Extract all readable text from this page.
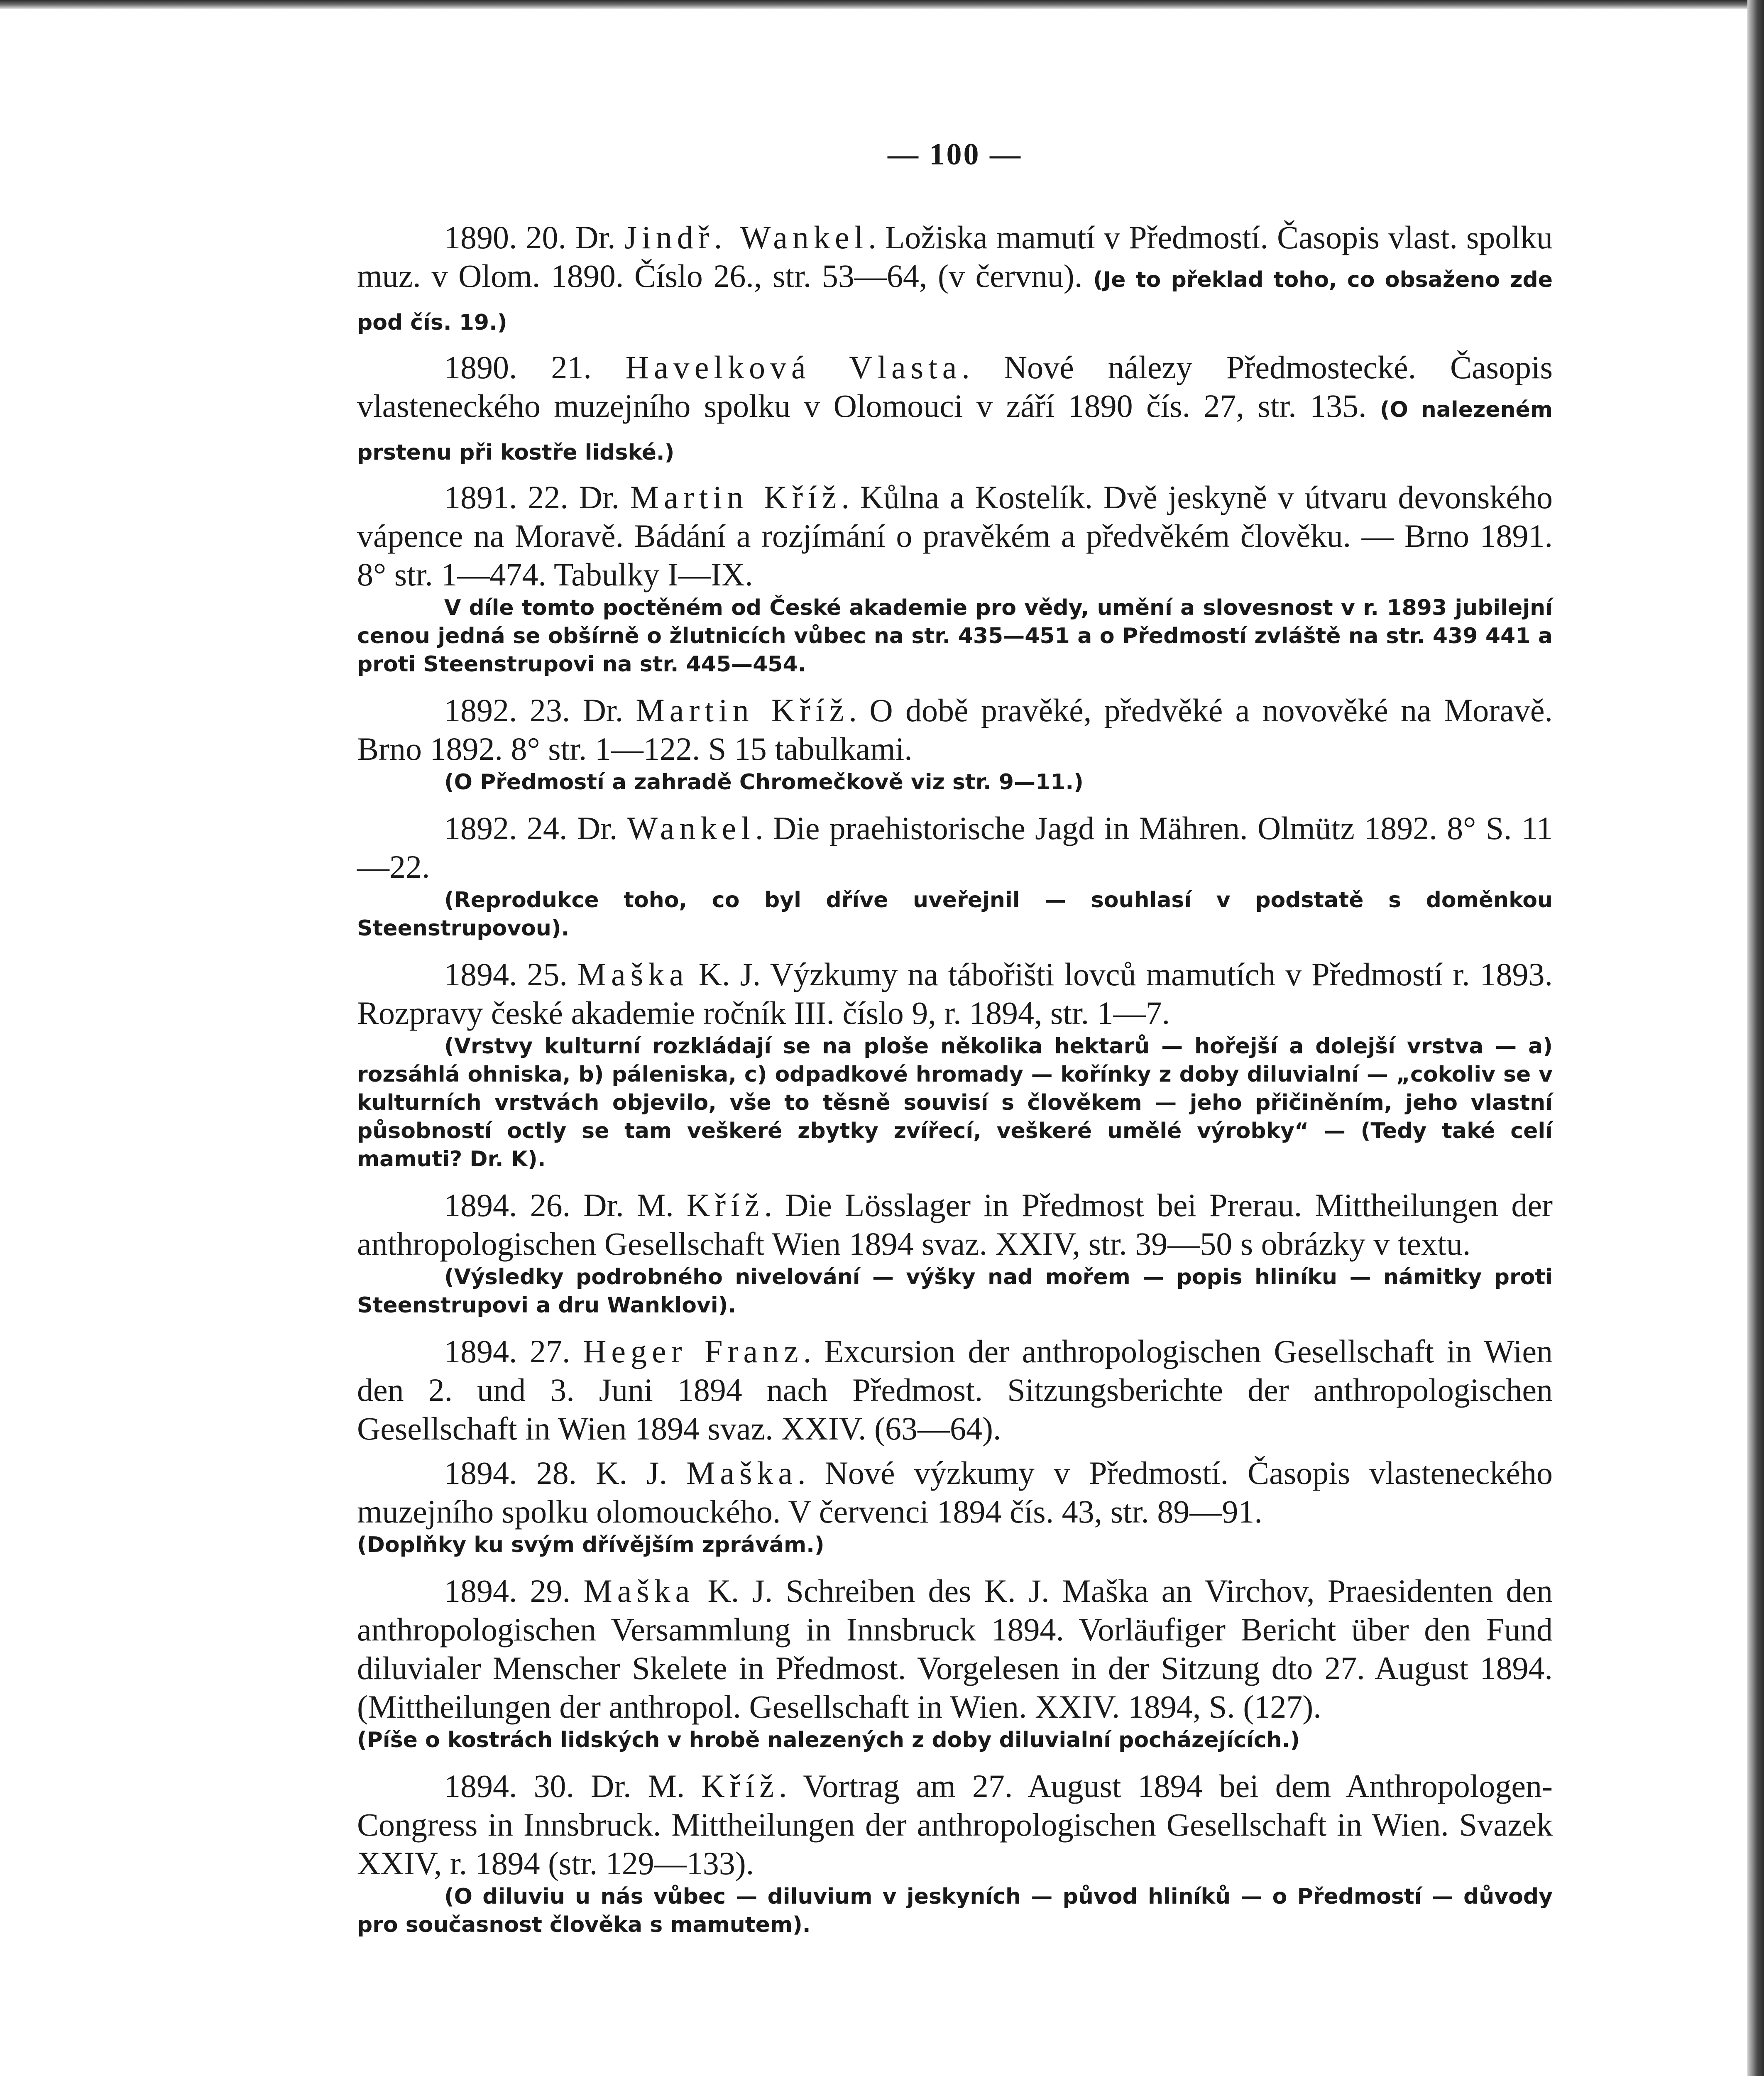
— 100 —

1890. 20. Dr. Jindř. Wankel. Ložiska mamutí v Předmostí. Časopis vlast. spolku muz. v Olom. 1890. Číslo 26., str. 53—64, (v červnu). (Je to překlad toho, co obsaženo zde pod čís. 19.)

1890. 21. Havelková Vlasta. Nové nálezy Předmostecké. Časopis vlasteneckého muzejního spolku v Olomouci v září 1890 čís. 27, str. 135. (O nalezeném prstenu při kostře lidské.)

1891. 22. Dr. Martin Kříž. Kůlna a Kostelík. Dvě jeskyně v útvaru devonského vápence na Moravě. Bádání a rozjímání o pravěkém a předvěkém člověku. — Brno 1891. 8° str. 1—474. Tabulky I—IX.

V díle tomto poctěném od České akademie pro vědy, umění a slovesnost v r. 1893 jubilejní cenou jedná se obšírně o žlutnicích vůbec na str. 435—451 a o Předmostí zvláště na str. 439 441 a proti Steenstrupovi na str. 445—454.

1892. 23. Dr. Martin Kříž. O době pravěké, předvěké a novověké na Moravě. Brno 1892. 8° str. 1—122. S 15 tabulkami.

(O Předmostí a zahradě Chromečkově viz str. 9—11.)

1892. 24. Dr. Wankel. Die praehistorische Jagd in Mähren. Olmütz 1892. 8° S. 11—22.

(Reprodukce toho, co byl dříve uveřejnil — souhlasí v podstatě s doměnkou Steenstrupovou).

1894. 25. Maška K. J. Výzkumy na tábořišti lovců mamutích v Předmostí r. 1893. Rozpravy české akademie ročník III. číslo 9, r. 1894, str. 1—7.

(Vrstvy kulturní rozkládají se na ploše několika hektarů — hořejší a dolejší vrstva — a) rozsáhlá ohniska, b) páleniska, c) odpadkové hromady — kořínky z doby diluvialní — „cokoliv se v kulturních vrstvách objevilo, vše to těsně souvisí s člověkem — jeho přičiněním, jeho vlastní působností octly se tam veškeré zbytky zvířecí, veškeré umělé výrobky“ — (Tedy také celí mamuti? Dr. K).

1894. 26. Dr. M. Kříž. Die Lösslager in Předmost bei Prerau. Mittheilungen der anthropologischen Gesellschaft Wien 1894 svaz. XXIV, str. 39—50 s obrázky v textu.

(Výsledky podrobného nivelování — výšky nad mořem — popis hliníku — námitky proti Steenstrupovi a dru Wanklovi).

1894. 27. Heger Franz. Excursion der anthropologischen Gesellschaft in Wien den 2. und 3. Juni 1894 nach Předmost. Sitzungsberichte der anthropologischen Gesellschaft in Wien 1894 svaz. XXIV. (63—64).

1894. 28. K. J. Maška. Nové výzkumy v Předmostí. Časopis vlasteneckého muzejního spolku olomouckého. V červenci 1894 čís. 43, str. 89—91.

(Doplňky ku svým dřívějším zprávám.)

1894. 29. Maška K. J. Schreiben des K. J. Maška an Virchov, Praesidenten den anthropologischen Versammlung in Innsbruck 1894. Vorläufiger Bericht über den Fund diluvialer Menscher Skelete in Předmost. Vorgelesen in der Sitzung dto 27. August 1894. (Mittheilungen der anthropol. Gesellschaft in Wien. XXIV. 1894, S. (127).

(Píše o kostrách lidských v hrobě nalezených z doby diluvialní pocházejících.)

1894. 30. Dr. M. Kříž. Vortrag am 27. August 1894 bei dem Anthropologen- Congress in Innsbruck. Mittheilungen der anthropologischen Gesellschaft in Wien. Svazek XXIV, r. 1894 (str. 129—133).

(O diluviu u nás vůbec — diluvium v jeskyních — původ hliníků — o Předmostí — důvody pro současnost člověka s mamutem).
